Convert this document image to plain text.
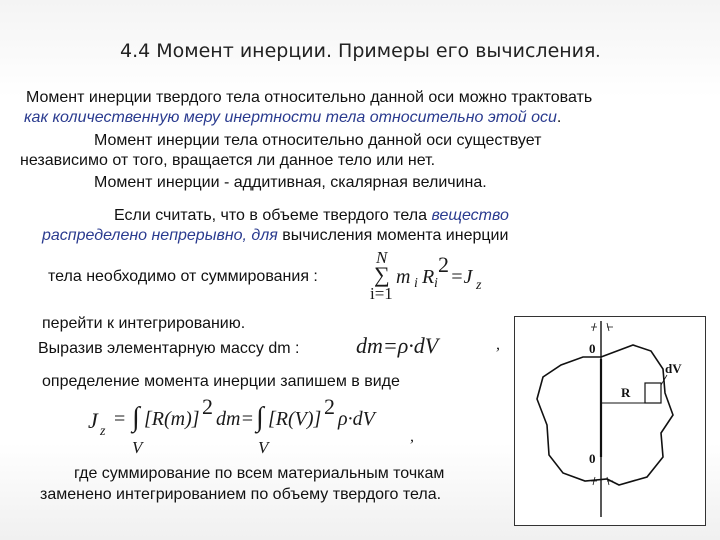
4.4 Момент инерции. Примеры его вычисления.
Момент инерции твердого тела относительно данной оси можно трактовать
как количественную меру инертности тела относительно этой оси.
Момент инерции тела относительно данной оси существует
независимо от того, вращается ли данное тело или нет.
Момент инерции - аддитивная, скалярная величина.
Если считать, что в объеме твердого тела вещество
распределено непрерывно, для вычисления момента инерции
тела необходимо от суммирования :
N
∑
i=1
m i R i
2 =J z
перейти к интегрированию.
Выразив элементарную массу dm :	dm=ρ·dV	,
определение момента инерции запишем в виде
J z
= ∫ [R(m)] 2 dm=
V
∫ [R(V)] 2 ρ·dV
V
,
где суммирование по всем материальным точкам
заменено интегрированием по объему твердого тела.
0
0
dV
R
